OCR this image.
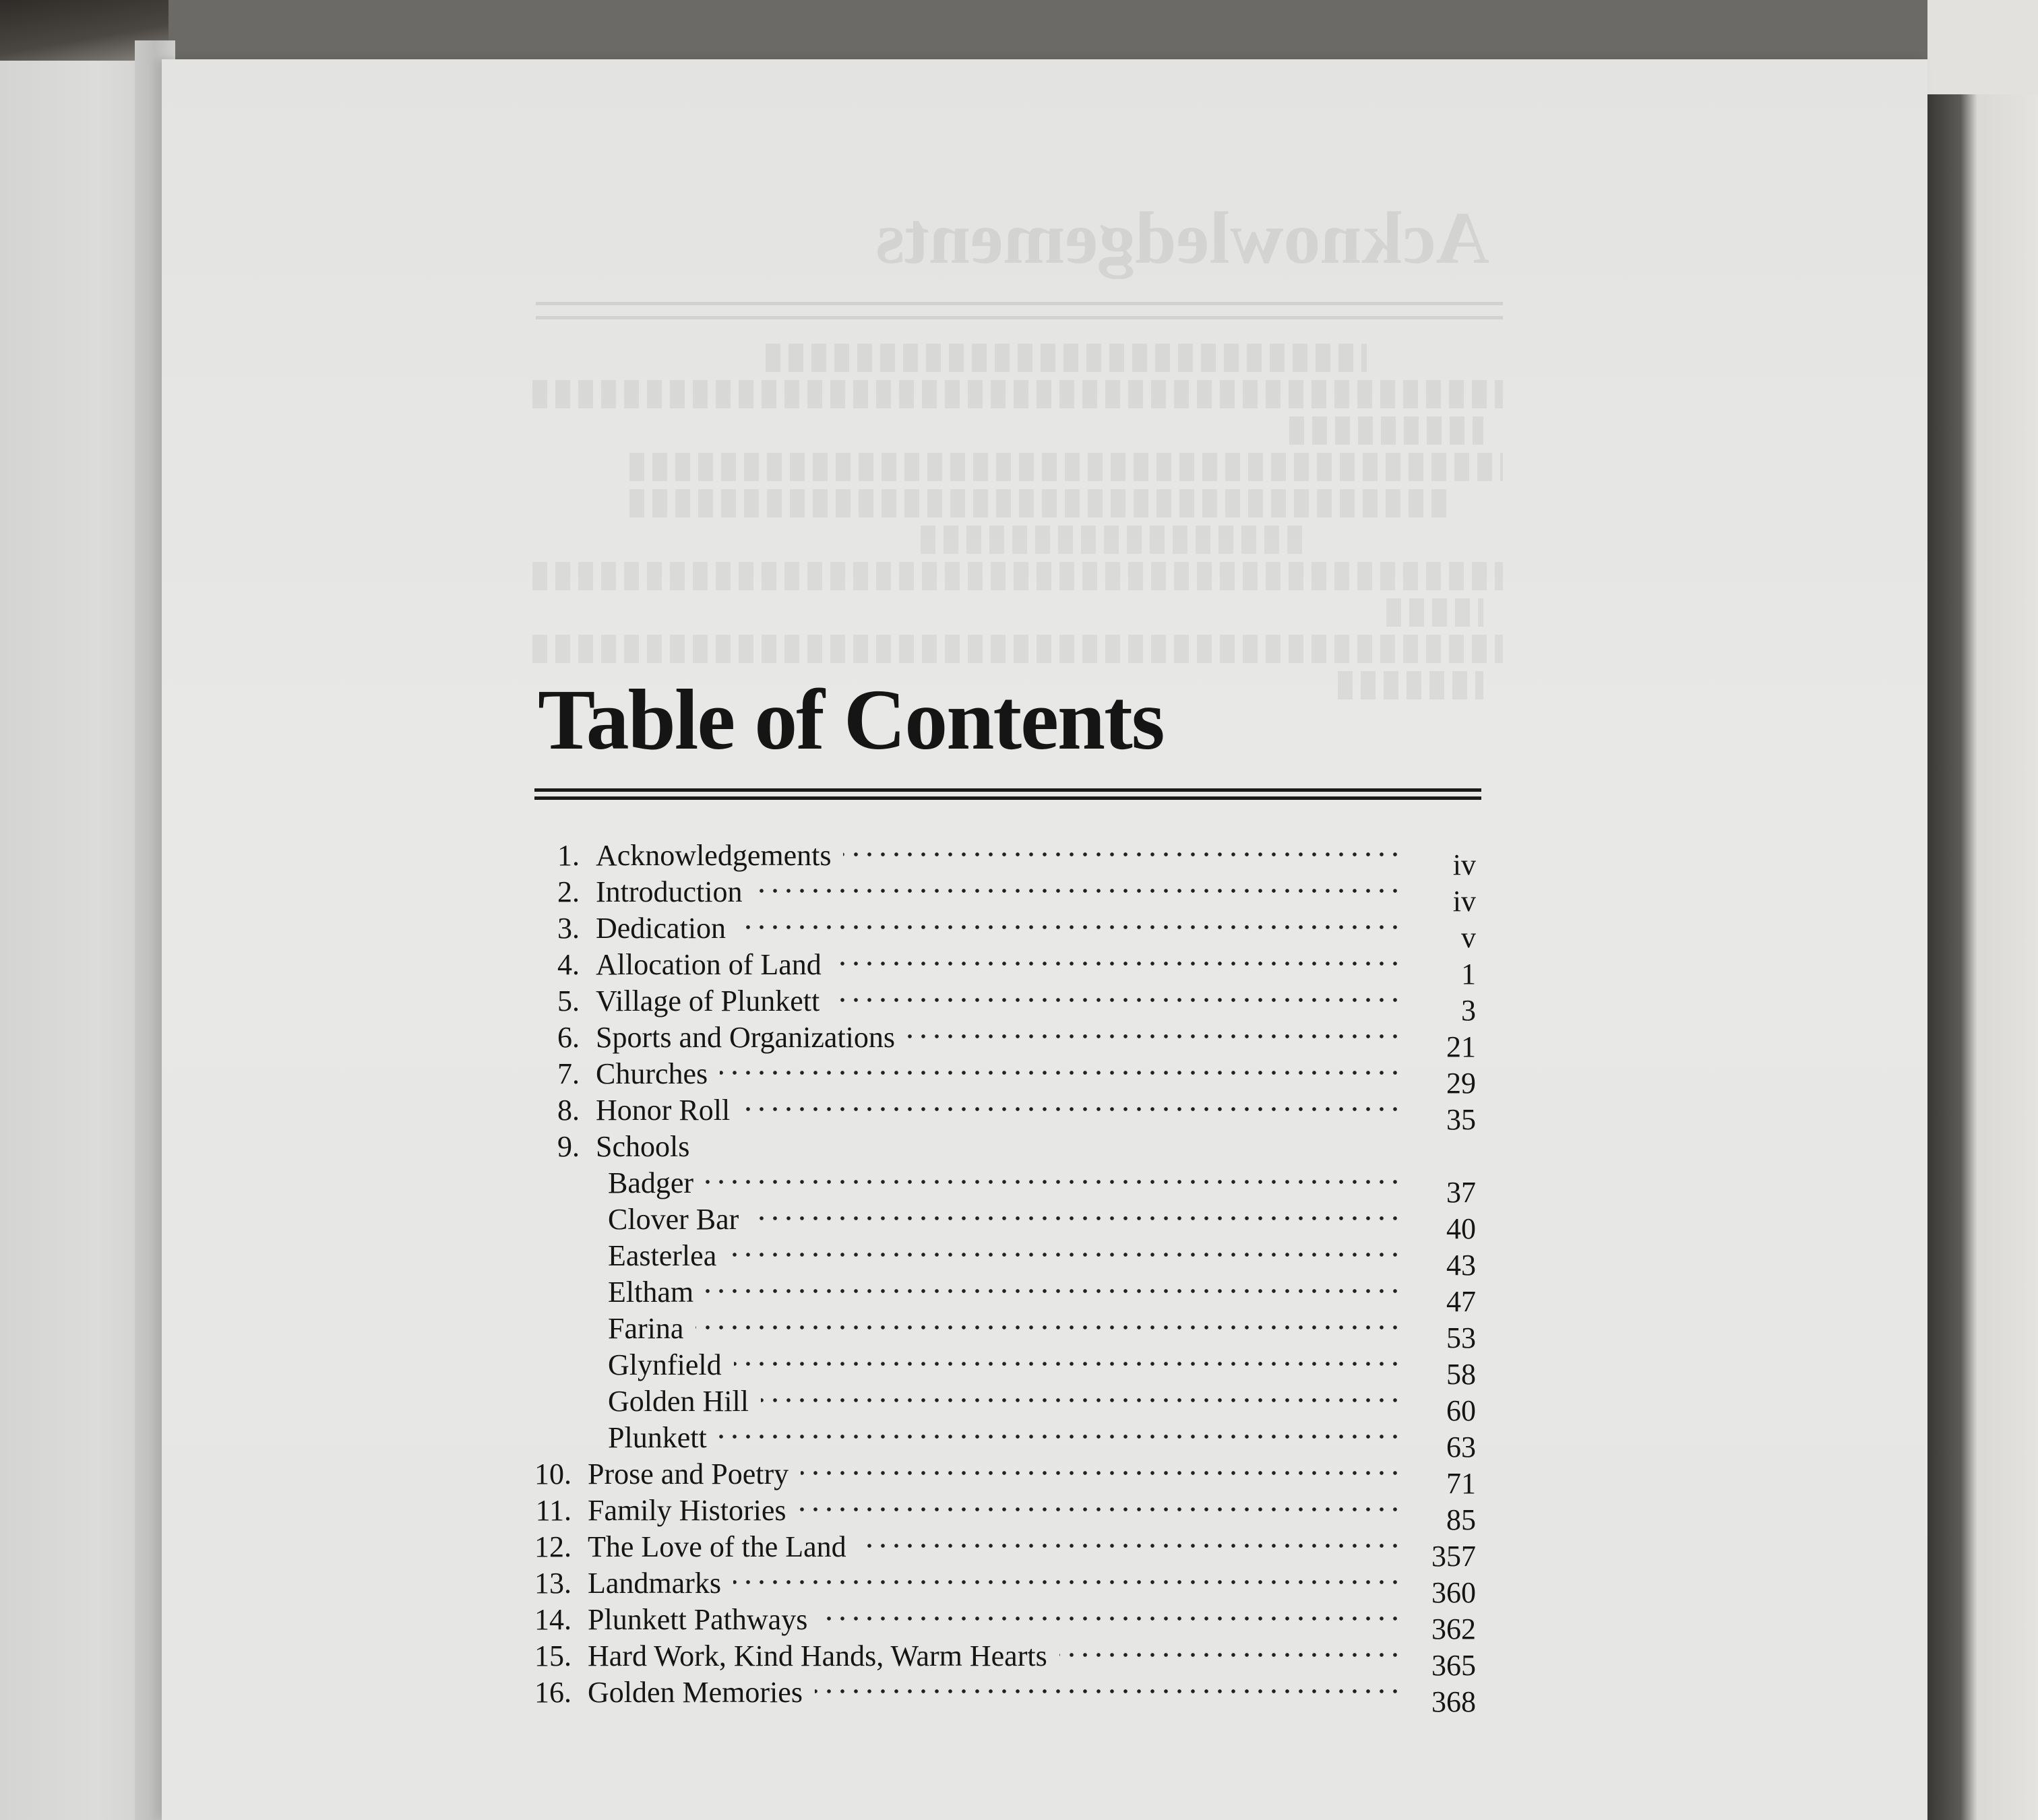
Acknowledgements
Table of Contents
1. Acknowledgements	iv
2. Introduction	iv
3. Dedication	v
4. Allocation of Land	1
5. Village of Plunkett	3
6. Sports and Organizations	21
7. Churches	29
8. Honor Roll	35
9. Schools
Badger	37
Clover Bar	40
Easterlea	43
Eltham	47
Farina	53
Glynfield	58
Golden Hill	60
Plunkett	63
10. Prose and Poetry	71
11. Family Histories	85
12. The Love of the Land	357
13. Landmarks	360
14. Plunkett Pathways	362
15. Hard Work, Kind Hands, Warm Hearts	365
16. Golden Memories	368
